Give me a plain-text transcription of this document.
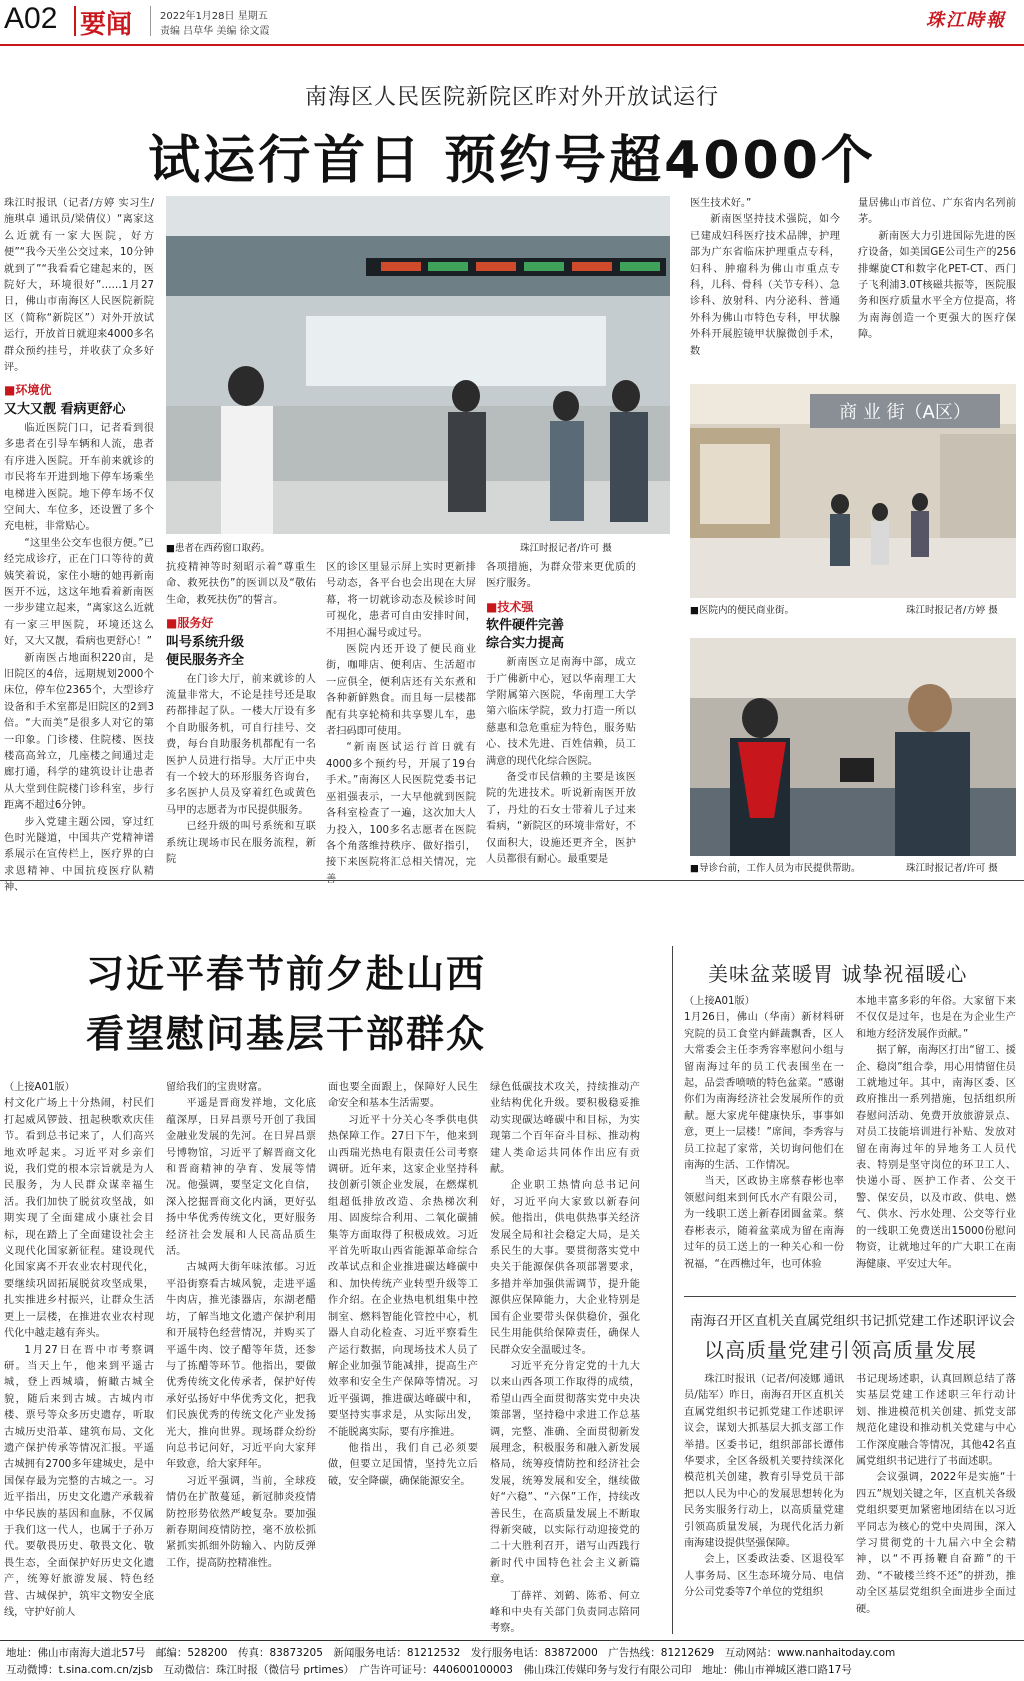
A02 要闻	2022年1月28日 星期五
责编 吕草华 美编 徐文霞
珠江時報
南海区人民医院新院区昨对外开放试运行
试运行首日 预约号超4000个

珠江时报讯（记者/方婷 实习生/施琪卓 通讯员/梁倩仪）“离家这么近就有一家大医院，好方便”“我今天坐公交过来，10分钟就到了”“我看看它建起来的，医院好大，环境很好”……1月27日，佛山市南海区人民医院新院区（简称“新院区”）对外开放试运行，开放首日就迎来4000多名群众预约挂号，并收获了众多好评。

■环境优
又大又靓 看病更舒心

临近医院门口，记者看到很多患者在引导车辆和人流，患者有序进入医院。开车前来就诊的市民将车开进到地下停车场乘坐电梯进入医院。地下停车场不仅空间大、车位多，还设置了多个充电桩，非常贴心。

“这里坐公交车也很方便。”已经完成诊疗，正在门口等待的黄姨笑着说，家住小塘的她再新南医开不远，这这年地看着新南医一步步建立起来，“离家这么近就有一家三甲医院，环境还这么好，又大又靓，看病也更舒心！”

新南医占地面积220亩，是旧院区的4倍，远期规划2000个床位，停车位2365个，大型诊疗设备和手术室都是旧院区的2到3倍。“大而美”是很多人对它的第一印象。门诊楼、住院楼、医技楼高高耸立，几座楼之间通过走廊打通，科学的建筑设计让患者从大堂到住院楼门诊科室，步行距离不超过6分钟。

步入党建主题公园，穿过红色时光隧道，中国共产党精神谱系展示在宣传栏上，医疗界的白求恩精神、中国抗疫医疗队精神、

■患者在西药窗口取药。	珠江时报记者/许可 摄

抗疫精神等时刻昭示着“尊重生命、救死扶伤”的医训以及“敬佑生命，救死扶伤”的誓言。

■服务好
叫号系统升级
便民服务齐全

在门诊大厅，前来就诊的人流量非常大，不论是挂号还是取药都排起了队。一楼大厅设有多个自助服务机，可自行挂号、交费，每台自助服务机都配有一名医护人员进行指导。大厅正中央有一个较大的环形服务咨询台，多名医护人员及穿着红色或黄色马甲的志愿者为市民提供服务。

已经升级的叫号系统和互联系统让现场市民在服务流程，新院

区的诊区里显示屏上实时更新排号动态，各平台也会出现在大屏幕，将一切就诊动态及候诊时间可视化，患者可自由安排时间，不用担心漏号或过号。

医院内还开设了便民商业街，咖啡店、便利店、生活超市一应俱全，便利店还有关东煮和各种新鲜熟食。而且每一层楼都配有共享轮椅和共享婴儿车，患者扫码即可使用。

“新南医试运行首日就有4000多个预约号，开展了19台手术。”南海区人民医院党委书记巫祖强表示，一大早他就到医院各科室检查了一遍，这次加大人力投入，100多名志愿者在医院各个角落维持秩序、做好指引，接下来医院将汇总相关情况，完

各项措施，为群众带来更优质的医疗服务。

■技术强
软件硬件完善
综合实力提高

新南医立足南海中部，成立于广佛新中心，冠以华南理工大学附属第六医院，华南理工大学第六临床学院，致力打造一所以慈惠和急危重症为特色，服务贴心、技术先进、百姓信赖，员工满意的现代化综合医院。

备受市民信赖的主要是该医院的先进技术。听说新南医开放了，丹灶的石女士带着儿子过来看病，“新院区的环境非常好，不仅面积大，设施还更齐全，医护人员都很有耐心。最重要是

医生技术好。”

新南医坚持技术强院，如今已建成妇科医疗技术品牌，护理部为广东省临床护理重点专科，妇科、肿瘤科为佛山市重点专科，儿科、骨科（关节专科）、急诊科、放射科、内分泌科、普通外科为佛山市特色专科，甲状腺外科开展腔镜甲状腺微创手术，数

量居佛山市首位、广东省内名列前茅。

新南医大力引进国际先进的医疗设备，如美国GE公司生产的256排螺旋CT和数字化PET-CT、西门子飞利浦3.0T核磁共振等，医院服务和医疗质量水平全方位提高，将为南海创造一个更强大的医疗保障。

商 业 街（A区）
■医院内的便民商业街。	珠江时报记者/方婷 摄
■导诊台前，工作人员为市民提供帮助。	珠江时报记者/许可 摄
习近平春节前夕赴山西
看望慰问基层干部群众

（上接A01版）
村文化广场上十分热闹，村民们打起威风锣鼓、扭起秧歌欢庆佳节。看到总书记来了，人们高兴地欢呼起来。习近平对乡亲们说，我们党的根本宗旨就是为人民服务，为人民群众谋幸福生活。我们加快了脱贫攻坚战，如期实现了全面建成小康社会目标，现在踏上了全面建设社会主义现代化国家新征程。建设现代化国家离不开农业农村现代化，要继续巩固拓展脱贫攻坚成果，扎实推进乡村振兴，让群众生活更上一层楼，在推进农业农村现代化中越走越有奔头。

1月27日在晋中市考察调研。当天上午，他来到平遥古城，登上西城墙，俯瞰古城全貌，随后来到古城。古城内市楼、票号等众多历史遗存，听取古城历史沿革、建筑布局、文化遗产保护传承等情况汇报。平遥古城拥有2700多年建城史，是中国保存最为完整的古城之一。习近平指出，历史文化遗产承载着中华民族的基因和血脉，不仅属于我们这一代人，也属于子孙万代。要敬畏历史、敬畏文化、敬畏生态，全面保护好历史文化遗产，统筹好旅游发展、特色经营、古城保护，筑牢文物安全底线，守护好前人

留给我们的宝贵财富。

平遥是晋商发祥地，文化底蕴深厚，日昇昌票号开创了我国金融业发展的先河。在日昇昌票号博物馆，习近平了解晋商文化和晋商精神的孕育、发展等情况。他强调，要坚定文化自信，深入挖掘晋商文化内涵，更好弘扬中华优秀传统文化，更好服务经济社会发展和人民高品质生活。

古城两大街年味浓郁。习近平沿街察看古城风貌，走进平遥牛肉店，推光漆器店，东湖老醋坊，了解当地文化遗产保护利用和开展特色经营情况，并购买了平遥牛肉、饺子醋等年货，还参与了拣醋等环节。他指出，要做优秀传统文化传承者，保护好传承好弘扬好中华优秀文化，把我们民族优秀的传统文化产业发扬光大，推向世界。现场群众纷纷向总书记问好，习近平向大家拜年致意，给大家拜年。

习近平强调，当前，全球疫情仍在扩散蔓延，新冠肺炎疫情防控形势依然严峻复杂。要加强新春期间疫情防控，毫不放松抓紧抓实抓细外防输入、内防反弹工作，提高防控精准性。

面也要全面跟上，保障好人民生命安全和基本生活需要。

习近平十分关心冬季供电供热保障工作。27日下午，他来到山西瑞光热电有限责任公司考察调研。近年来，这家企业坚持科技创新引领企业发展，在燃煤机组超低排放改造、余热梯次利用、固废综合利用、二氧化碳捕集等方面取得了积极成效。习近平首先听取山西省能源革命综合改革试点和企业推进碳达峰碳中和、加快传统产业转型升级等工作介绍。在企业热电机组集中控制室、燃料智能化管控中心，机器人自动化检查、习近平察看生产运行数据，向现场技术人员了解企业加强节能减排，提高生产效率和安全生产保障等情况。习近平强调，推进碳达峰碳中和，要坚持实事求是，从实际出发，不能脱离实际，要有序推进。

他指出，我们自己必须要做，但要立足国情，坚持先立后破，安全降碳，确保能源安全。

绿色低碳技术攻关，持续推动产业结构优化升级。要积极稳妥推动实现碳达峰碳中和目标，为实现第二个百年奋斗目标、推动构建人类命运共同体作出应有贡献。

企业职工热情向总书记问好，习近平向大家致以新春问候。他指出，供电供热事关经济发展全局和社会稳定大局，是关系民生的大事。要贯彻落实党中央关于能源保供各项部署要求，多措并举加强供需调节，提升能源供应保障能力，大企业特别是国有企业要带头保供稳价，强化民生用能供给保障责任，确保人民群众安全温暖过冬。

习近平充分肯定党的十九大以来山西各项工作取得的成绩，希望山西全面贯彻落实党中央决策部署，坚持稳中求进工作总基调，完整、准确、全面贯彻新发展理念，积极服务和融入新发展格局，统筹疫情防控和经济社会发展，统筹发展和安全，继续做好“六稳”、“六保”工作，持续改善民生，在高质量发展上不断取得新突破，以实际行动迎接党的二十大胜利召开，谱写山西践行新时代中国特色社会主义新篇章。

丁薛祥、刘鹤、陈希、何立峰和中央有关部门负责同志陪同考察。

美味盆菜暖胃 诚挚祝福暖心

（上接A01版）
1月26日，佛山（华南）新材料研究院的员工食堂内鲜蔬飘香，区人大常委会主任李秀容率慰问小组与留南海过年的员工代表围坐在一起，品尝香喷喷的特色盆菜。“感谢你们为南海经济社会发展所作的贡献。愿大家虎年健康快乐，事事如意，更上一层楼！”席间，李秀容与员工拉起了家常，关切询问他们在南海的生活、工作情况。

当天，区政协主席蔡春彬也率领慰问组来到何氏水产有限公司，为一线职工送上新春团圆盆菜。蔡春彬表示，随着盆菜成为留在南海过年的员工送上的一种关心和一份祝福，“在西樵过年，也可体验

本地丰富多彩的年俗。大家留下来不仅仅是过年，也是在为企业生产和地方经济发展作贡献。”

据了解，南海区打出“留工、援企、稳岗”组合拳，用心用情留住员工就地过年。其中，南海区委、区政府推出一系列措施，包括组织所春慰问活动、免费开放旅游景点、对员工技能培训进行补贴、发放对留在南海过年的异地务工人员代表、特别是坚守岗位的环卫工人、快递小哥、医护工作者、公交干警、保安员，以及市政、供电、燃气、供水、污水处理、公交等行业的一线职工免费送出15000份慰问物资，让就地过年的广大职工在南海健康、平安过大年。

南海召开区直机关直属党组织书记抓党建工作述职评议会
以高质量党建引领高质量发展

珠江时报讯（记者/何凌娜 通讯员/陆军）昨日，南海召开区直机关直属党组织书记抓党建工作述职评议会，谋划大抓基层大抓支部工作举措。区委书记，组织部部长谭伟华要求，全区各级机关要持续深化模范机关创建，教育引导党员干部把以人民为中心的发展思想转化为民务实服务行动上，以高质量党建引领高质量发展，为现代化活力新南海建设提供坚强保障。

会上，区委政法委、区退役军人事务局、区生态环境分局、电信分公司党委等7个单位的党组织

书记现场述职，认真回顾总结了落实基层党建工作述职三年行动计划、推进模范机关创建、抓党支部规范化建设和推动机关党建与中心工作深度融合等情况，其他42名直属党组织书记进行了书面述职。

会议强调，2022年是实施“十四五”规划关键之年，区直机关各级党组织要更加紧密地团结在以习近平同志为核心的党中央周围，深入学习贯彻党的十九届六中全会精神，以“不再扬鞭自奋蹄”的干劲、“不破楼兰终不还”的拼劲，推动全区基层党组织全面进步全面过硬。

地址：佛山市南海大道北57号　邮编：528200　传真：83873205　新闻服务电话：81212532　发行服务电话：83872000　广告热线：81212629　互动网站：www.nanhaitoday.com
互动微博：t.sina.com.cn/zjsb　互动微信：珠江时报（微信号 prtimes）　广告许可证号：440600100003　佛山珠江传媒印务与发行有限公司印　地址：佛山市禅城区港口路17号
